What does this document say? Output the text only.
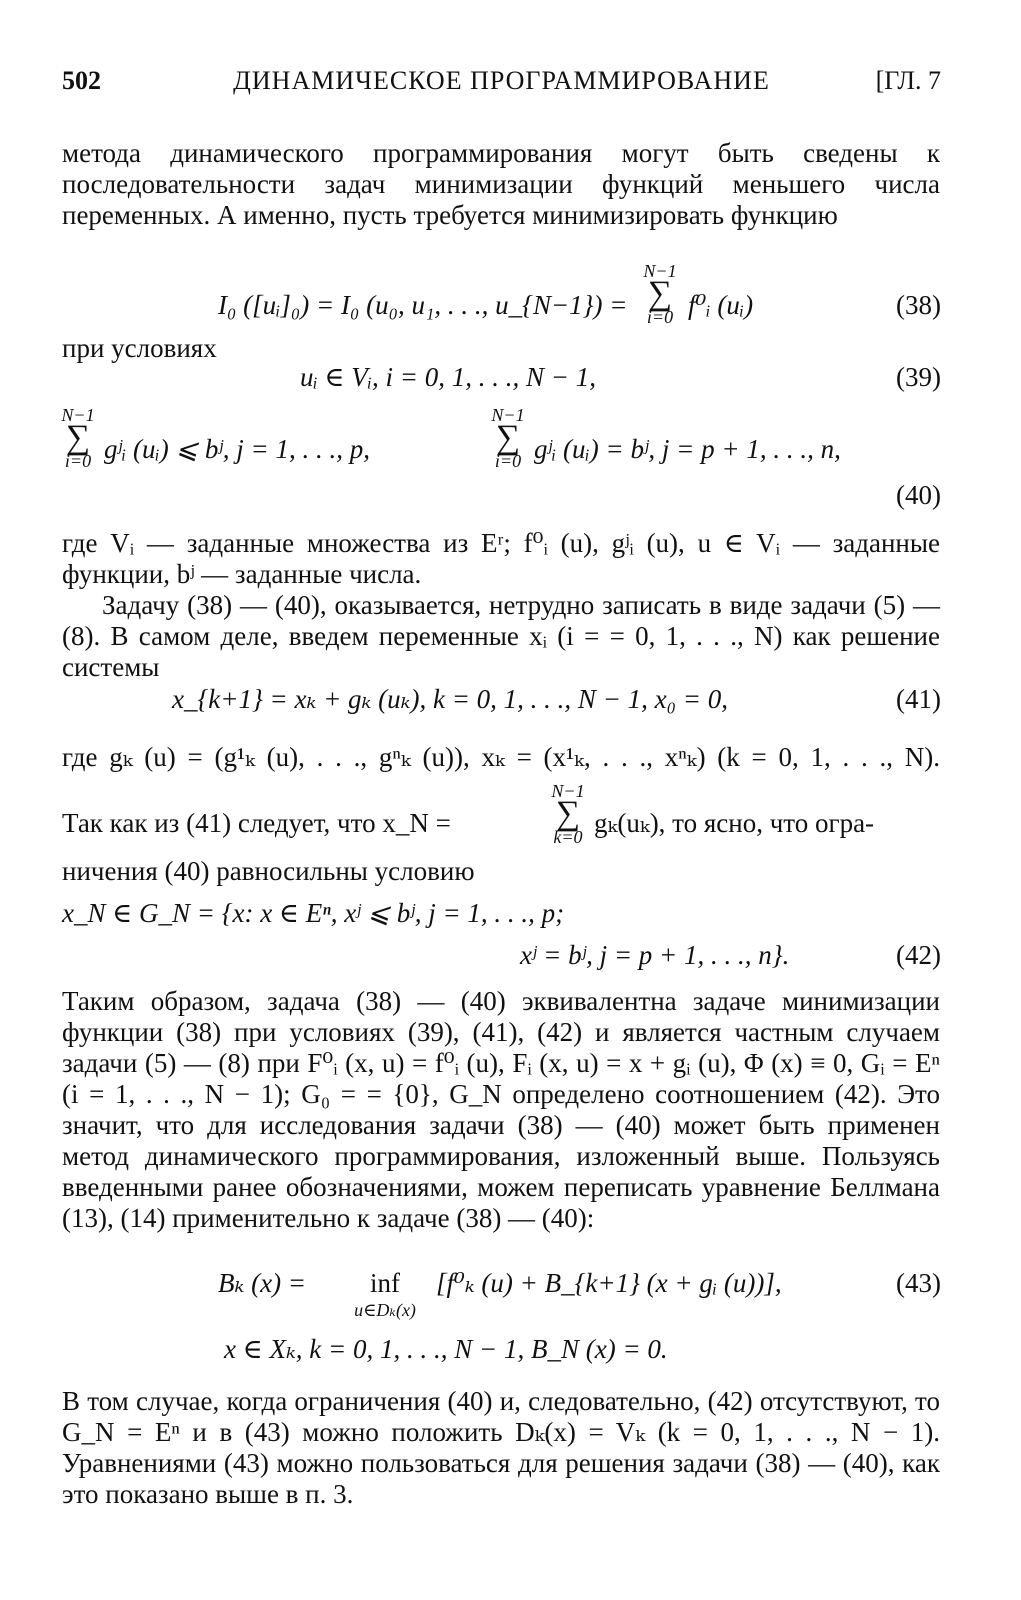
502	ДИНАМИЧЕСКОЕ ПРОГРАММИРОВАНИЕ	[ГЛ. 7
метода динамического программирования могут быть сведены к последовательности задач минимизации функций меньшего числа переменных. А именно, пусть требуется минимизировать функцию
I₀ ([uᵢ]₀) = I₀ (u₀, u₁, . . ., u_{N−1}) =
N−1
∑
i=0 f⁰ᵢ (uᵢ)	(38)
при условиях
uᵢ ∈ Vᵢ, i = 0, 1, . . ., N − 1,	(39)
N−1
∑
i=0 gʲᵢ (uᵢ) ⩽ bʲ, j = 1, . . ., p,
N−1
∑
i=0 gʲᵢ (uᵢ) = bʲ, j = p + 1, . . ., n,
(40)
где Vᵢ — заданные множества из Eʳ; f⁰ᵢ (u), gʲᵢ (u), u ∈ Vᵢ — заданные функции, bʲ — заданные числа.
Задачу (38) — (40), оказывается, нетрудно записать в виде задачи (5) — (8). В самом деле, введем переменные xᵢ (i = = 0, 1, . . ., N) как решение системы
x_{k+1} = xₖ + gₖ (uₖ), k = 0, 1, . . ., N − 1, x₀ = 0,	(41)
где gₖ (u) = (g¹ₖ (u), . . ., gⁿₖ (u)), xₖ = (x¹ₖ, . . ., xⁿₖ) (k = 0, 1, . . ., N).
Так как из (41) следует, что x_N =
N−1
∑
k=0 gₖ(uₖ), то ясно, что огра-
ничения (40) равносильны условию
x_N ∈ G_N = {x: x ∈ Eⁿ, xʲ ⩽ bʲ, j = 1, . . ., p;
xʲ = bʲ, j = p + 1, . . ., n}.	(42)
Таким образом, задача (38) — (40) эквивалентна задаче минимизации функции (38) при условиях (39), (41), (42) и является частным случаем задачи (5) — (8) при F⁰ᵢ (x, u) = f⁰ᵢ (u), Fᵢ (x, u) = x + gᵢ (u), Φ (x) ≡ 0, Gᵢ = Eⁿ (i = 1, . . ., N − 1); G₀ = = {0}, G_N определено соотношением (42). Это значит, что для исследования задачи (38) — (40) может быть применен метод динамического программирования, изложенный выше. Пользуясь введенными ранее обозначениями, можем переписать уравнение Беллмана (13), (14) применительно к задаче (38) — (40):
Bₖ (x) =	inf
u∈Dₖ(x)
[f⁰ₖ (u) + B_{k+1} (x + gᵢ (u))],	(43)
x ∈ Xₖ, k = 0, 1, . . ., N − 1, B_N (x) = 0.
В том случае, когда ограничения (40) и, следовательно, (42) отсутствуют, то G_N = Eⁿ и в (43) можно положить Dₖ(x) = Vₖ (k = 0, 1, . . ., N − 1). Уравнениями (43) можно пользоваться для решения задачи (38) — (40), как это показано выше в п. 3.
